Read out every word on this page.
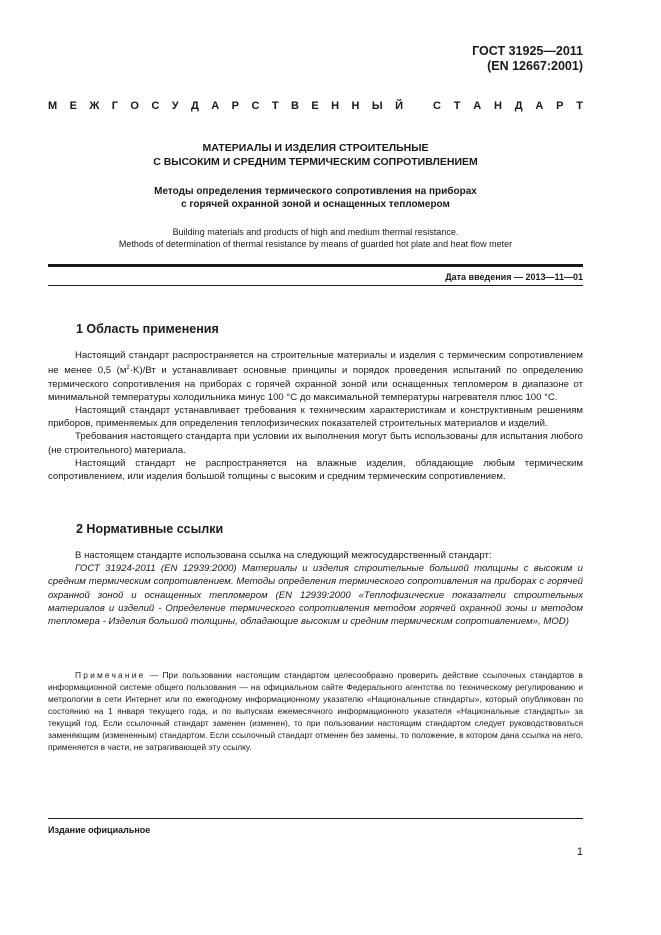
ГОСТ 31925—2011
(EN 12667:2001)
М Е Ж Г О С У Д А Р С Т В Е Н Н Ы Й	С Т А Н Д А Р Т
МАТЕРИАЛЫ И ИЗДЕЛИЯ СТРОИТЕЛЬНЫЕ
С ВЫСОКИМ И СРЕДНИМ ТЕРМИЧЕСКИМ СОПРОТИВЛЕНИЕМ
Методы определения термического сопротивления на приборах
с горячей охранной зоной и оснащенных тепломером
Building materials and products of high and medium thermal resistance.
Methods of determination of thermal resistance by means of guarded hot plate and heat flow meter
Дата введения — 2013—11—01
1 Область применения

Настоящий стандарт распространяется на строительные материалы и изделия с термическим сопротивлением не менее 0,5 $(м^2\cdot K)/Вт$ и устанавливает основные принципы и порядок проведения испытаний по определению термического сопротивления на приборах с горячей охранной зоной или оснащенных тепломером в диапазоне от минимальной температуры холодильника минус 100 °С до максимальной температуры нагревателя плюс 100 °С.

Настоящий стандарт устанавливает требования к техническим характеристикам и конструктивным решениям приборов, применяемых для определения теплофизических показателей строительных материалов и изделий.

Требования настоящего стандарта при условии их выполнения могут быть использованы для испытания любого (не строительного) материала.

Настоящий стандарт не распространяется на влажные изделия, обладающие любым термическим сопротивлением, или изделия большой толщины с высоким и средним термическим сопротивлением.

2 Нормативные ссылки

В настоящем стандарте использована ссылка на следующий межгосударственный стандарт:

ГОСТ 31924-2011 (EN 12939:2000) Материалы и изделия строительные большой толщины с высоким и средним термическим сопротивлением. Методы определения термического сопротивления на приборах с горячей охранной зоной и оснащенных тепломером (EN 12939:2000 «Теплофизические показатели строительных материалов и изделий - Определение термического сопротивления методом горячей охранной зоны и методом тепломера - Изделия большой толщины, обладающие высоким и средним термическим сопротивлением», MOD)

Примечание — При пользовании настоящим стандартом целесообразно проверить действие ссылочных стандартов в информационной системе общего пользования — на официальном сайте Федерального агентства по техническому регулированию и метрологии в сети Интернет или по ежегодному информационному указателю «Национальные стандарты», который опубликован по состоянию на 1 января текущего года, и по выпускам ежемесячного информационного указателя «Национальные стандарты» за текущий год. Если ссылочный стандарт заменен (изменен), то при пользовании настоящим стандартом следует руководствоваться заменяющим (измененным) стандартом. Если ссылочный стандарт отменен без замены, то положение, в котором дана ссылка на него, применяется в части, не затрагивающей эту ссылку.

Издание официальное
1
